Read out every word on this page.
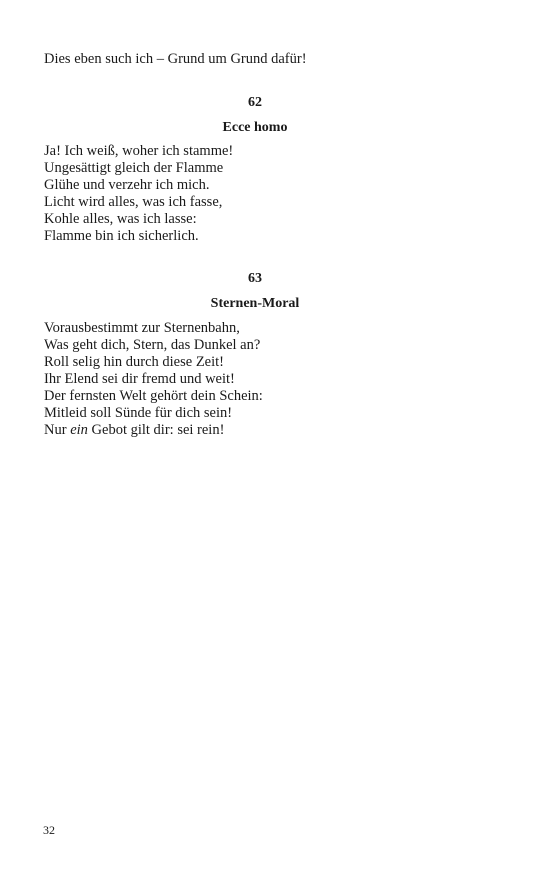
Dies eben such ich – Grund um Grund dafür!
62
Ecce homo
Ja! Ich weiß, woher ich stamme!
Ungesättigt gleich der Flamme
Glühe und verzehr ich mich.
Licht wird alles, was ich fasse,
Kohle alles, was ich lasse:
Flamme bin ich sicherlich.
63
Sternen-Moral
Vorausbestimmt zur Sternenbahn,
Was geht dich, Stern, das Dunkel an?
Roll selig hin durch diese Zeit!
Ihr Elend sei dir fremd und weit!
Der fernsten Welt gehört dein Schein:
Mitleid soll Sünde für dich sein!
Nur ein Gebot gilt dir: sei rein!
32
